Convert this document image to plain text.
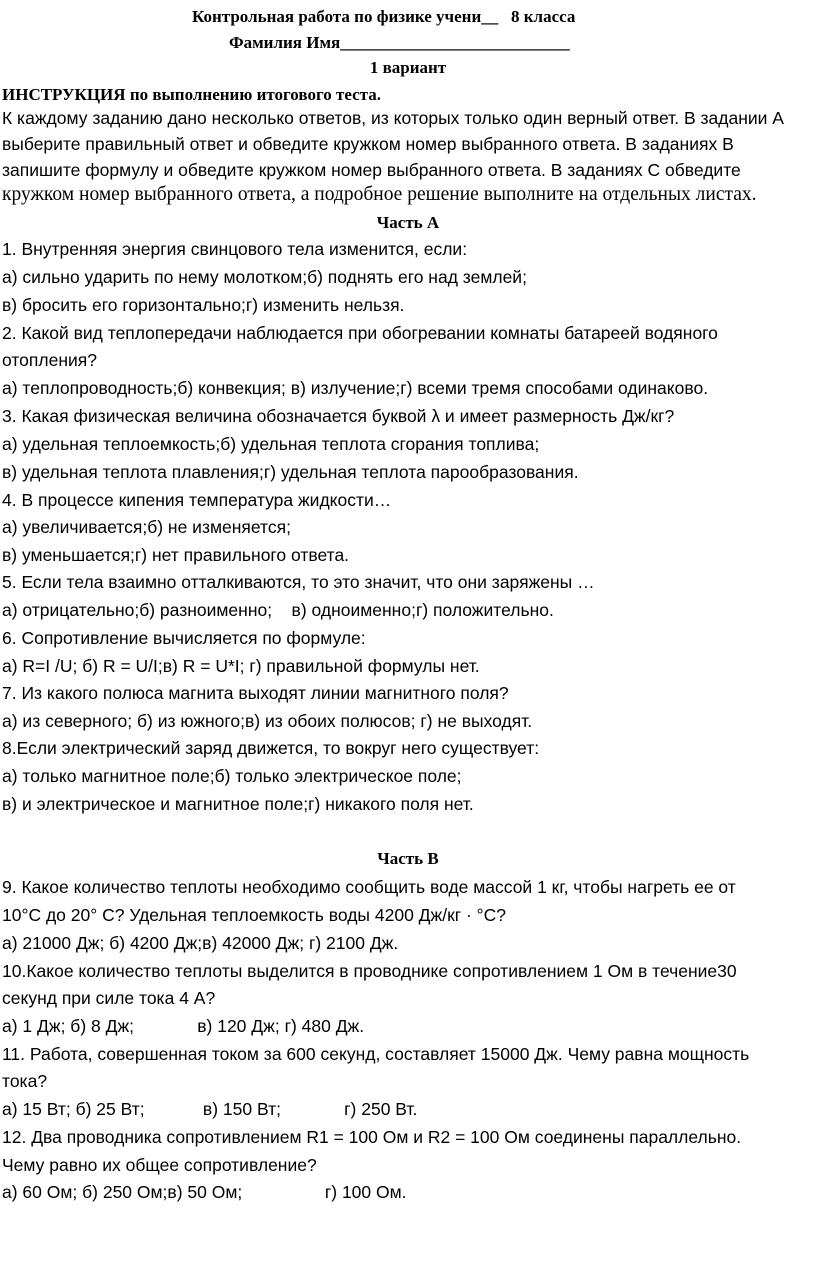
Контрольная работа по физике учени__   8 класса
Фамилия Имя___________________________
1 вариант
ИНСТРУКЦИЯ по выполнению итогового теста.
К каждому заданию дано несколько ответов, из которых только один верный ответ. В задании А
выберите правильный ответ и обведите кружком номер выбранного ответа. В заданиях В
запишите формулу и обведите кружком номер выбранного ответа. В заданиях С обведите
кружком номер выбранного ответа, а подробное решение выполните на отдельных листах.
Часть А
1. Внутренняя энергия свинцового тела изменится, если:
а) сильно ударить по нему молотком;б) поднять его над землей;
в) бросить его горизонтально;г) изменить нельзя.
2. Какой вид теплопередачи наблюдается при обогревании комнаты батареей водяного
отопления?
а) теплопроводность;б) конвекция; в) излучение;г) всеми тремя способами одинаково.
3. Какая физическая величина обозначается буквой λ и имеет размерность Дж/кг?
а) удельная теплоемкость;б) удельная теплота сгорания топлива;
в) удельная теплота плавления;г) удельная теплота парообразования.
4. В процессе кипения температура жидкости…
а) увеличивается;б) не изменяется;
в) уменьшается;г) нет правильного ответа.
5. Если тела взаимно отталкиваются, то это значит, что они заряжены …
а) отрицательно;б) разноименно;    в) одноименно;г) положительно.
6. Сопротивление вычисляется по формуле:
а) R=I /U; б) R = U/I;в) R = U*I; г) правильной формулы нет.
7. Из какого полюса магнита выходят линии магнитного поля?
а) из северного; б) из южного;в) из обоих полюсов; г) не выходят.
8.Если электрический заряд движется, то вокруг него существует:
а) только магнитное поле;б) только электрическое поле;
в) и электрическое и магнитное поле;г) никакого поля нет.
Часть В
9. Какое количество теплоты необходимо сообщить воде массой 1 кг, чтобы нагреть ее от
10°С до 20° С? Удельная теплоемкость воды 4200 Дж/кг · °С?
а) 21000 Дж; б) 4200 Дж;в) 42000 Дж; г) 2100 Дж.
10.Какое количество теплоты выделится в проводнике сопротивлением 1 Ом в течение30
секунд при силе тока 4 А?
а) 1 Дж; б) 8 Дж;             в) 120 Дж; г) 480 Дж.
11. Работа, совершенная током за 600 секунд, составляет 15000 Дж. Чему равна мощность
тока?
а) 15 Вт; б) 25 Вт;            в) 150 Вт;             г) 250 Вт.
12. Два проводника сопротивлением R1 = 100 Ом и R2 = 100 Ом соединены параллельно.
Чему равно их общее сопротивление?
а) 60 Ом; б) 250 Ом;в) 50 Ом;                 г) 100 Ом.
